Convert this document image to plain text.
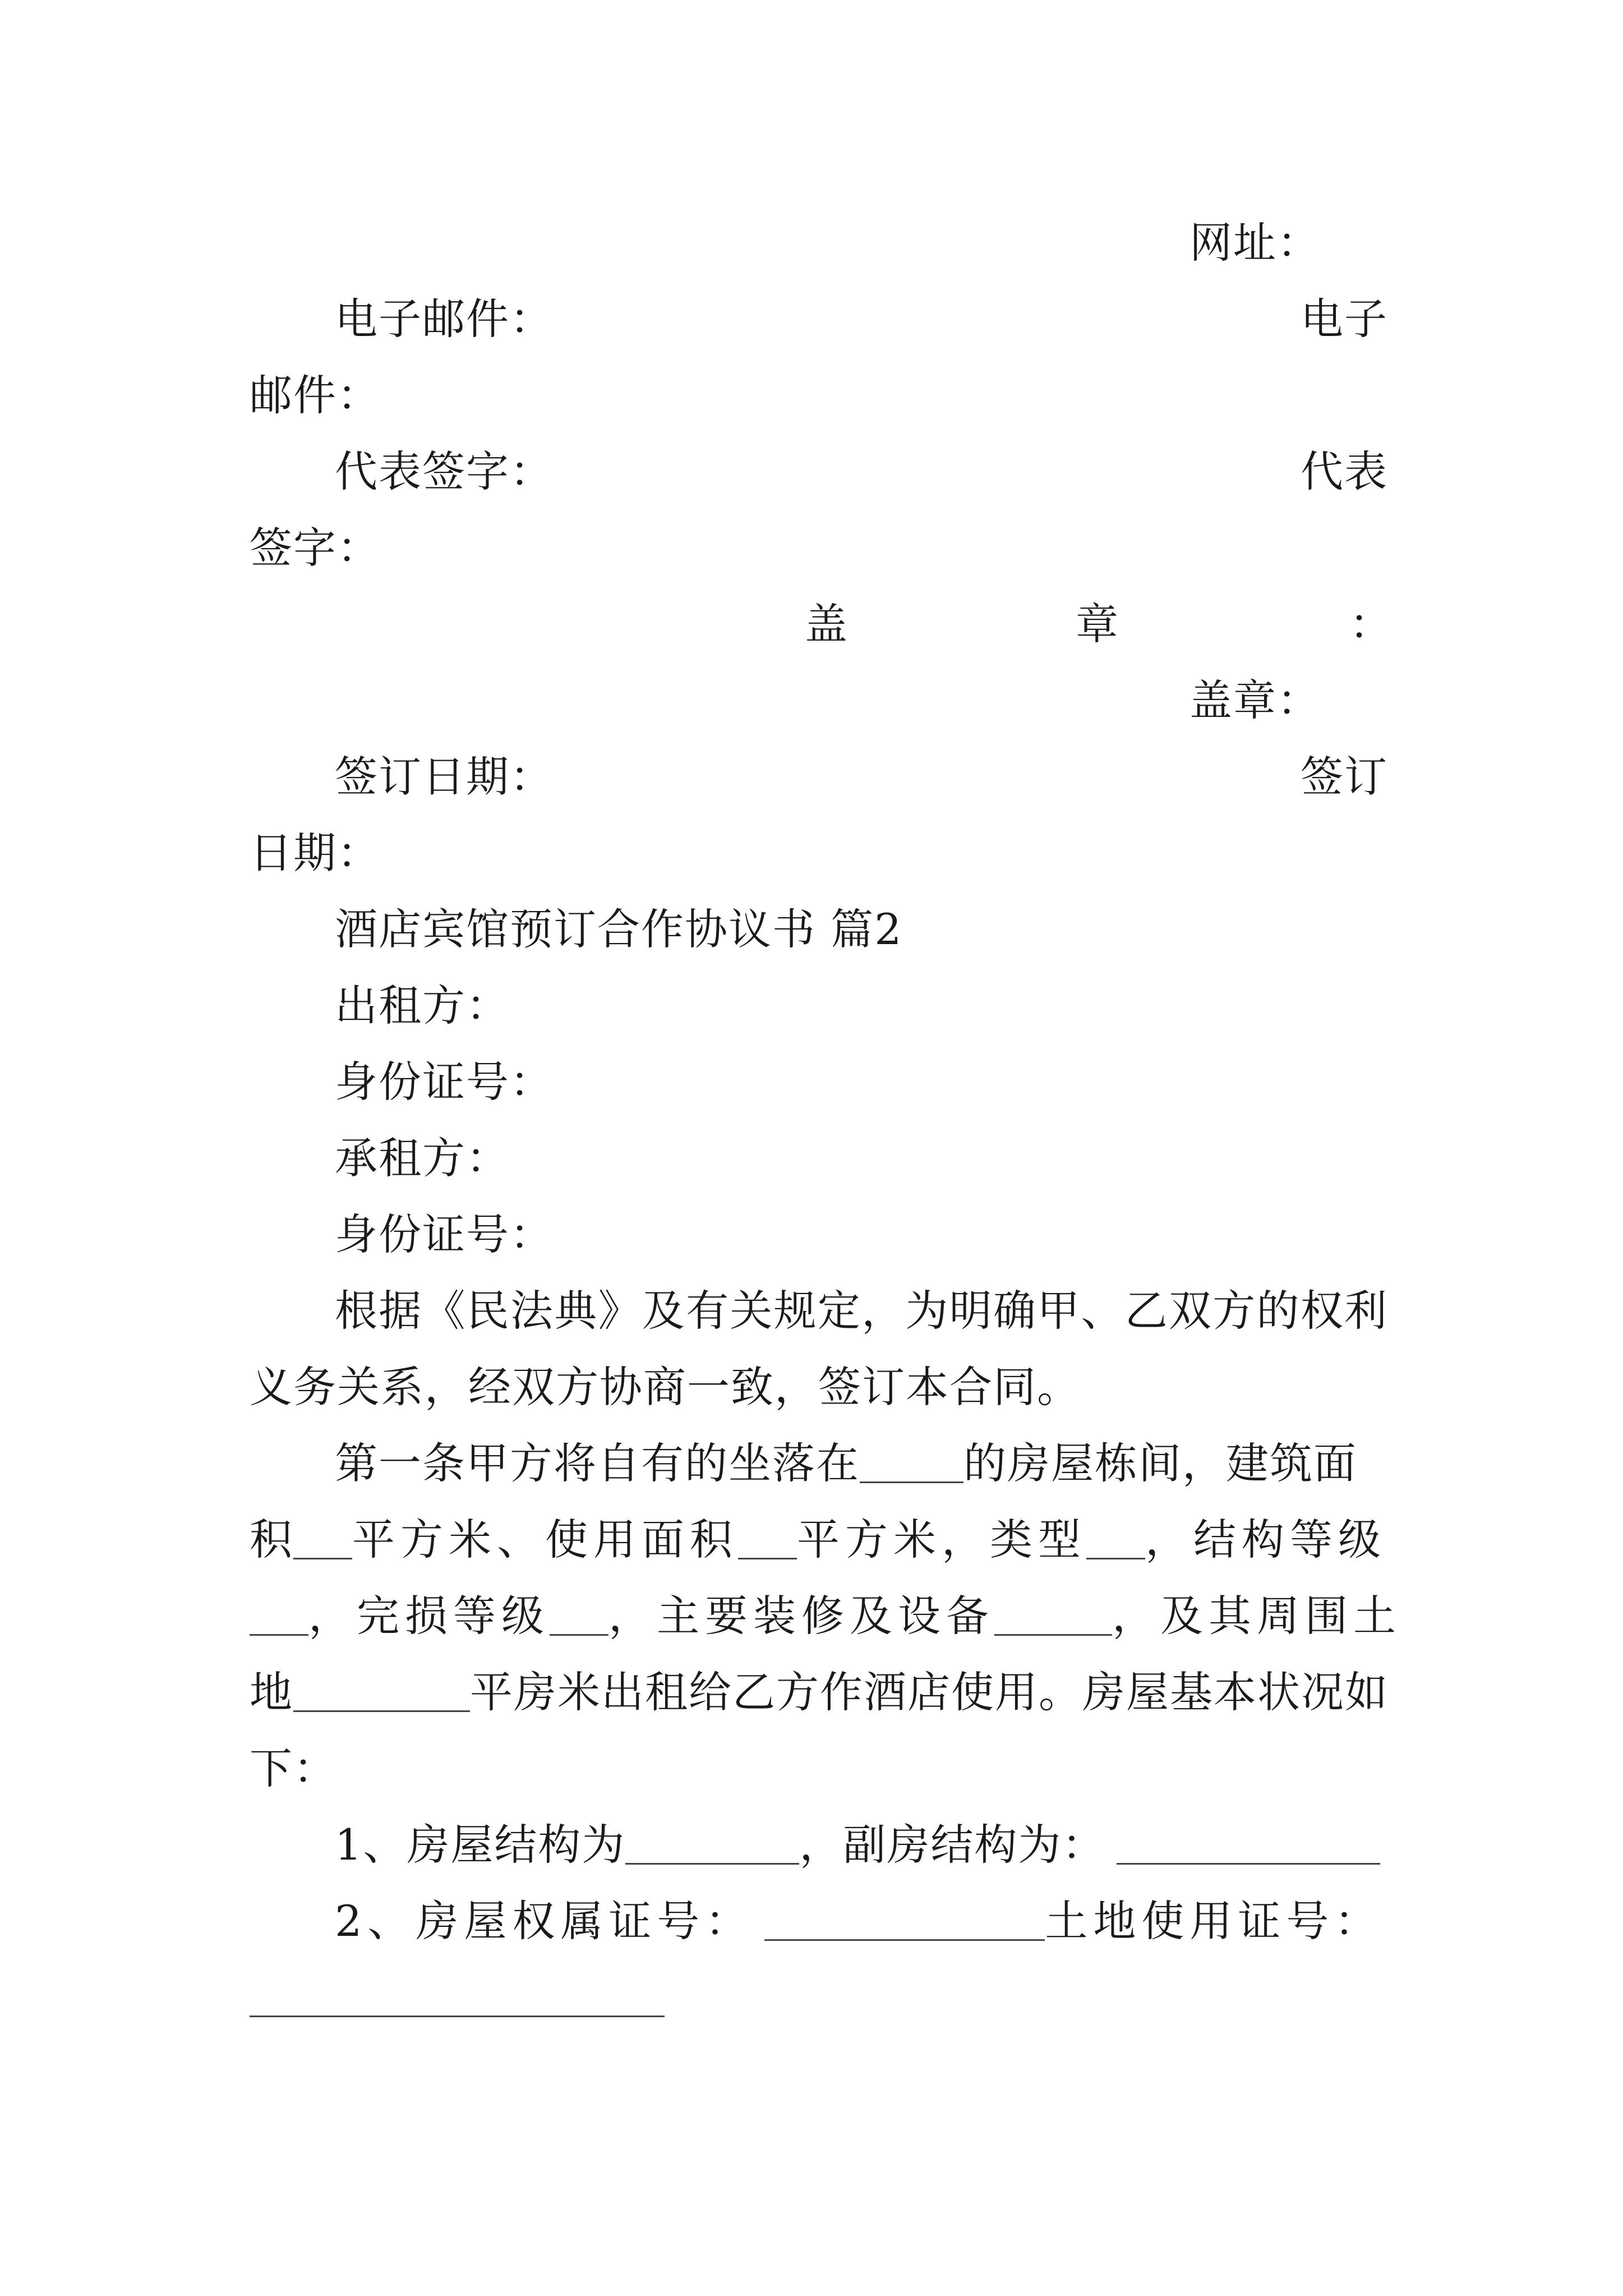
网址：
电子邮件：	电子
邮件：
代表签字：	代表
签字：
盖	章	：
盖章：
签订日期：	签订
日期：
酒店宾馆预订合作协议书 篇2
出租方：
身份证号：
承租方：
身份证号：
根据《民法典》及有关规定，为明确甲、乙双方的权利
义务关系，经双方协商一致，签订本合同。
第一条甲方将自有的坐落在 的房屋栋间，建筑面
积 平方米、使用面积 平方米，类型 ，结构等级
，完损等级 ，主要装修及设备	，及其周围土
地	平房米出租给乙方作酒店使用。房屋基本状况如
下：
1、房屋结构为	，副房结构为：
2、房屋权属证号：	土地使用证号：
